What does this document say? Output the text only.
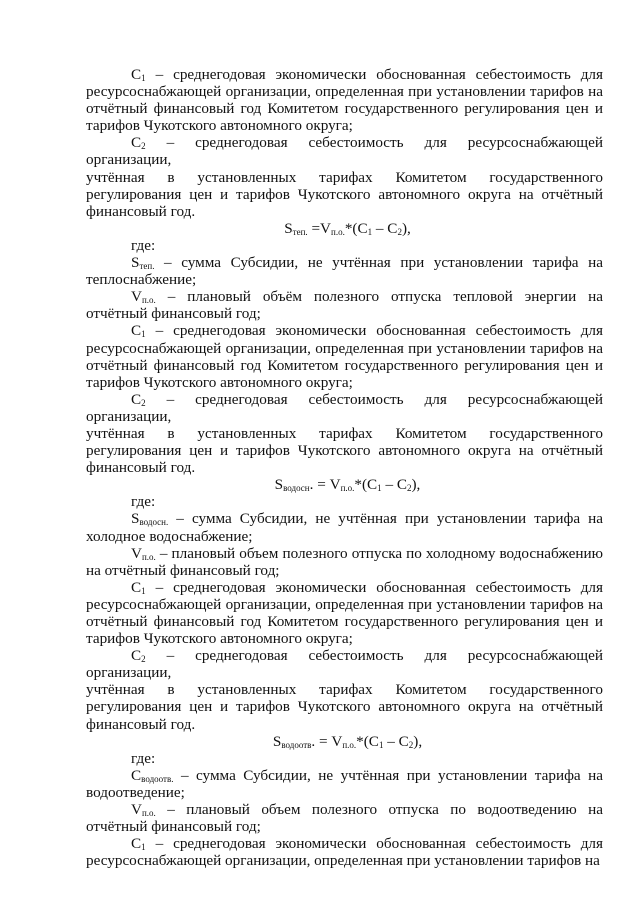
$C_1$ – среднегодовая экономически обоснованная себестоимость для ресурсоснабжающей организации, определенная при установлении тарифов на отчётный финансовый год Комитетом государственного регулирования цен и тарифов Чукотского автономного округа;

$C_2$ – среднегодовая себестоимость для ресурсоснабжающей организации,

учтённая в установленных тарифах Комитетом государственного

регулирования цен и тарифов Чукотского автономного округа на отчётный финансовый год.

$S_{теп.} =V_{п.о.}*(C_1 - C_2)$,

где:

$S_{теп.}$ – сумма Субсидии, не учтённая при установлении тарифа на теплоснабжение;

$V_{п.о.}$ – плановый объём полезного отпуска тепловой энергии на отчётный финансовый год;

$C_1$ – среднегодовая экономически обоснованная себестоимость для ресурсоснабжающей организации, определенная при установлении тарифов на отчётный финансовый год Комитетом государственного регулирования цен и тарифов Чукотского автономного округа;

$C_2$ – среднегодовая себестоимость для ресурсоснабжающей организации,

учтённая в установленных тарифах Комитетом государственного

регулирования цен и тарифов Чукотского автономного округа на отчётный финансовый год.

$S_{водосн}$. = $V_{п.о.}*(C_1 - C_2)$,

где:

$S_{водосн.}$ – сумма Субсидии, не учтённая при установлении тарифа на холодное водоснабжение;

$V_{п.о.}$ – плановый объем полезного отпуска по холодному водоснабжению на отчётный финансовый год;

$C_1$ – среднегодовая экономически обоснованная себестоимость для ресурсоснабжающей организации, определенная при установлении тарифов на отчётный финансовый год Комитетом государственного регулирования цен и тарифов Чукотского автономного округа;

$C_2$ – среднегодовая себестоимость для ресурсоснабжающей организации,

учтённая в установленных тарифах Комитетом государственного

регулирования цен и тарифов Чукотского автономного округа на отчётный финансовый год.

$S_{водоотв}$. = $V_{п.о.}*(C_1 - C_2)$,

где:

$C_{водоотв.}$ – сумма Субсидии, не учтённая при установлении тарифа на водоотведение;

$V_{п.о.}$ – плановый объем полезного отпуска по водоотведению на отчётный финансовый год;

$C_1$ – среднегодовая экономически обоснованная себестоимость для ресурсоснабжающей организации, определенная при установлении тарифов на
